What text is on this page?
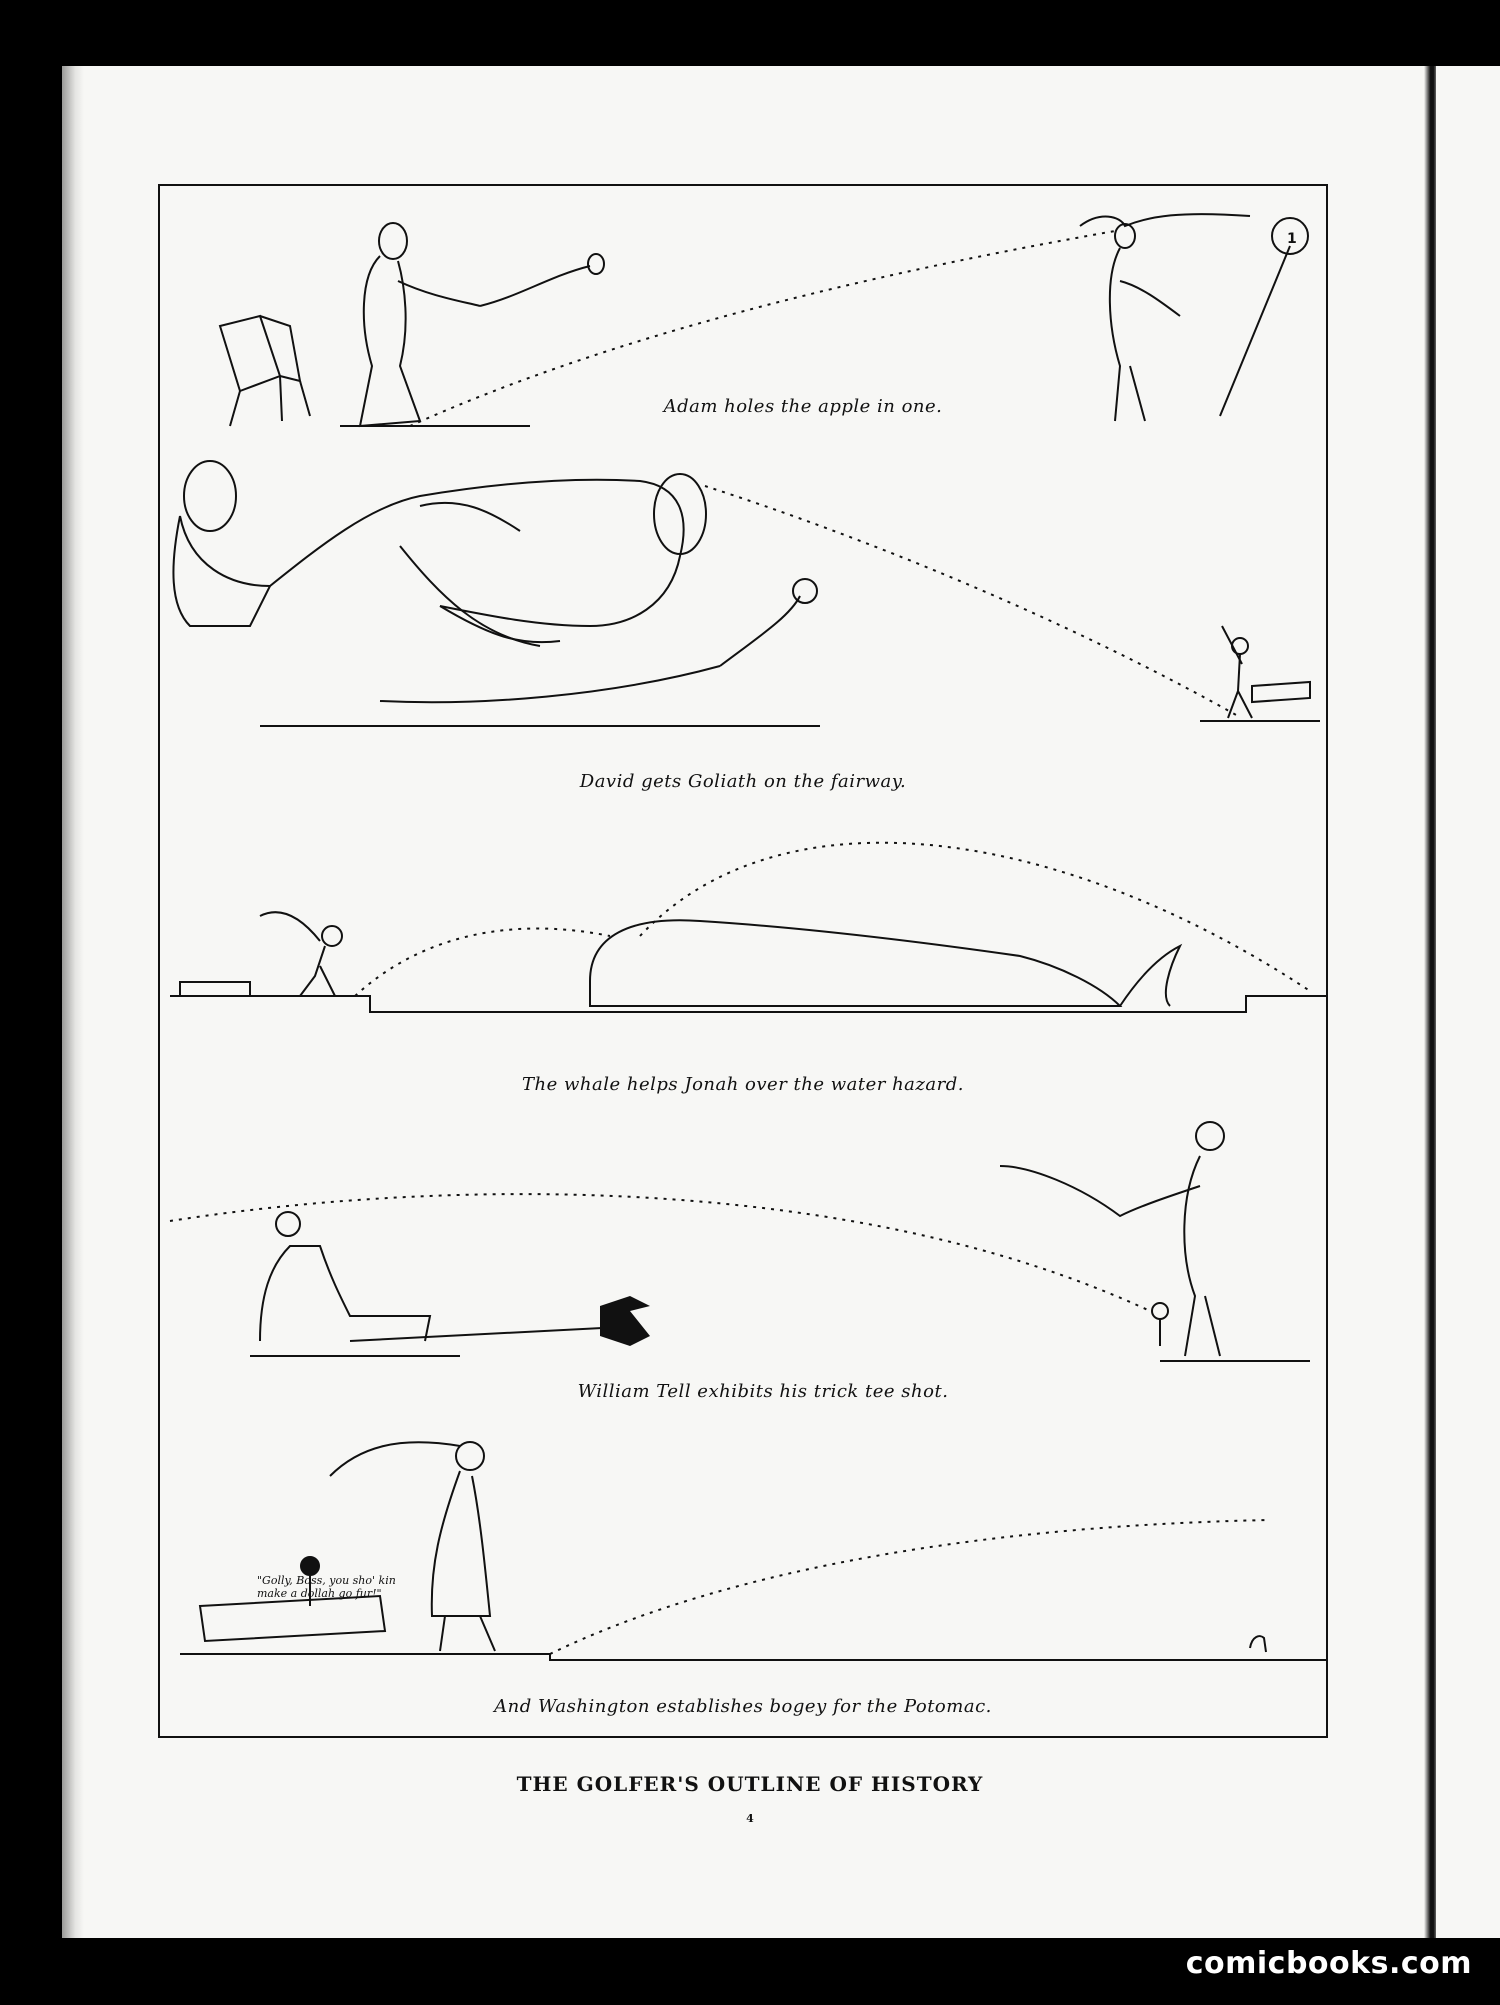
1
Adam holes the apple in one.
David gets Goliath on the fairway.
The whale helps Jonah over the water hazard.
William Tell exhibits his trick tee shot.
"Golly, Boss, you sho' kin make a dollah go fur!"
And Washington establishes bogey for the Potomac.
THE GOLFER'S OUTLINE OF HISTORY
4
comicbooks.com
